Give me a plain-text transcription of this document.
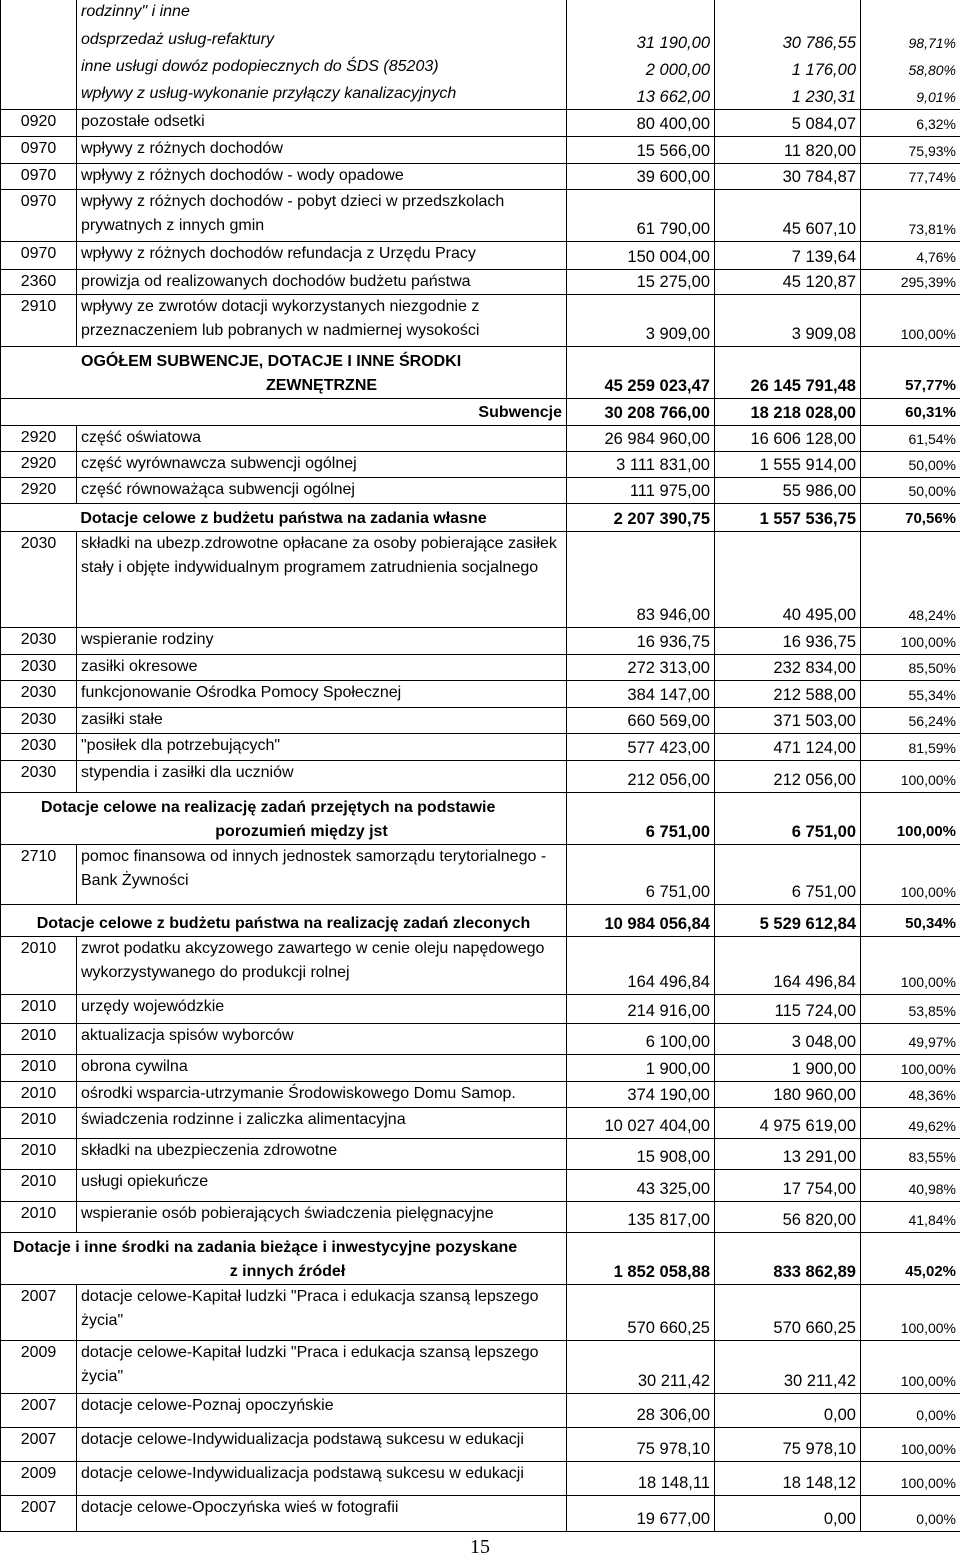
	rodzinny" i inne			
	odsprzedaż usług-refaktury	31 190,00	30 786,55	98,71%
	inne usługi dowóz podopiecznych do ŚDS (85203)	2 000,00	1 176,00	58,80%
	wpływy z usług-wykonanie przyłączy kanalizacyjnych	13 662,00	1 230,31	9,01%
0920	pozostałe odsetki	80 400,00	5 084,07	6,32%
0970	wpływy z różnych dochodów	15 566,00	11 820,00	75,93%
0970	wpływy z różnych dochodów - wody opadowe	39 600,00	30 784,87	77,74%
0970	wpływy z różnych dochodów - pobyt dzieci w przedszkolach prywatnych z innych gmin	61 790,00	45 607,10	73,81%
0970	wpływy z różnych dochodów refundacja z Urzędu Pracy	150 004,00	7 139,64	4,76%
2360	prowizja od realizowanych dochodów budżetu państwa	15 275,00	45 120,87	295,39%
2910	wpływy ze zwrotów dotacji wykorzystanych niezgodnie z przeznaczeniem lub pobranych w nadmiernej wysokości	3 909,00	3 909,08	100,00%

OGÓŁEM SUBWENCJE, DOTACJE I INNE ŚRODKI
ZEWNĘTRZNE		45 259 023,47	26 145 791,48	57,77%
Subwencje		30 208 766,00	18 218 028,00	60,31%
2920	część oświatowa	26 984 960,00	16 606 128,00	61,54%
2920	część wyrównawcza subwencji ogólnej	3 111 831,00	1 555 914,00	50,00%
2920	część równoważąca subwencji ogólnej	111 975,00	55 986,00	50,00%
Dotacje celowe z budżetu państwa na zadania własne		2 207 390,75	1 557 536,75	70,56%
2030	składki na ubezp.zdrowotne opłacane za osoby pobierające zasiłek stały i objęte indywidualnym programem zatrudnienia socjalnego	83 946,00	40 495,00	48,24%
2030	wspieranie rodziny	16 936,75	16 936,75	100,00%
2030	zasiłki okresowe	272 313,00	232 834,00	85,50%
2030	funkcjonowanie Ośrodka Pomocy Społecznej	384 147,00	212 588,00	55,34%
2030	zasiłki stałe	660 569,00	371 503,00	56,24%
2030	"posiłek dla potrzebujących"	577 423,00	471 124,00	81,59%
2030	stypendia i zasiłki dla uczniów	212 056,00	212 056,00	100,00%

Dotacje celowe na realizację zadań przejętych na podstawie
porozumień między jst		6 751,00	6 751,00	100,00%
2710	pomoc finansowa od innych jednostek samorządu terytorialnego -Bank Żywności	6 751,00	6 751,00	100,00%
Dotacje celowe z budżetu państwa na realizację zadań zleconych		10 984 056,84	5 529 612,84	50,34%
2010	zwrot podatku akcyzowego zawartego w cenie oleju napędowego wykorzystywanego do produkcji rolnej	164 496,84	164 496,84	100,00%
2010	urzędy wojewódzkie	214 916,00	115 724,00	53,85%
2010	aktualizacja spisów wyborców	6 100,00	3 048,00	49,97%
2010	obrona cywilna	1 900,00	1 900,00	100,00%
2010	ośrodki wsparcia-utrzymanie Środowiskowego Domu Samop.	374 190,00	180 960,00	48,36%
2010	świadczenia rodzinne i zaliczka alimentacyjna	10 027 404,00	4 975 619,00	49,62%
2010	składki na ubezpieczenia zdrowotne	15 908,00	13 291,00	83,55%
2010	usługi opiekuńcze	43 325,00	17 754,00	40,98%
2010	wspieranie osób pobierających świadczenia pielęgnacyjne	135 817,00	56 820,00	41,84%

Dotacje i inne środki na zadania bieżące i inwestycyjne pozyskane
z innych źródeł		1 852 058,88	833 862,89	45,02%
2007	dotacje celowe-Kapitał ludzki "Praca i edukacja szansą lepszego życia"	570 660,25	570 660,25	100,00%
2009	dotacje celowe-Kapitał ludzki "Praca i edukacja szansą lepszego życia"	30 211,42	30 211,42	100,00%
2007	dotacje celowe-Poznaj opoczyńskie	28 306,00	0,00	0,00%
2007	dotacje celowe-Indywidualizacja podstawą sukcesu w edukacji	75 978,10	75 978,10	100,00%
2009	dotacje celowe-Indywidualizacja podstawą sukcesu w edukacji	18 148,11	18 148,12	100,00%
2007	dotacje celowe-Opoczyńska wieś w fotografii	19 677,00	0,00	0,00%
15
